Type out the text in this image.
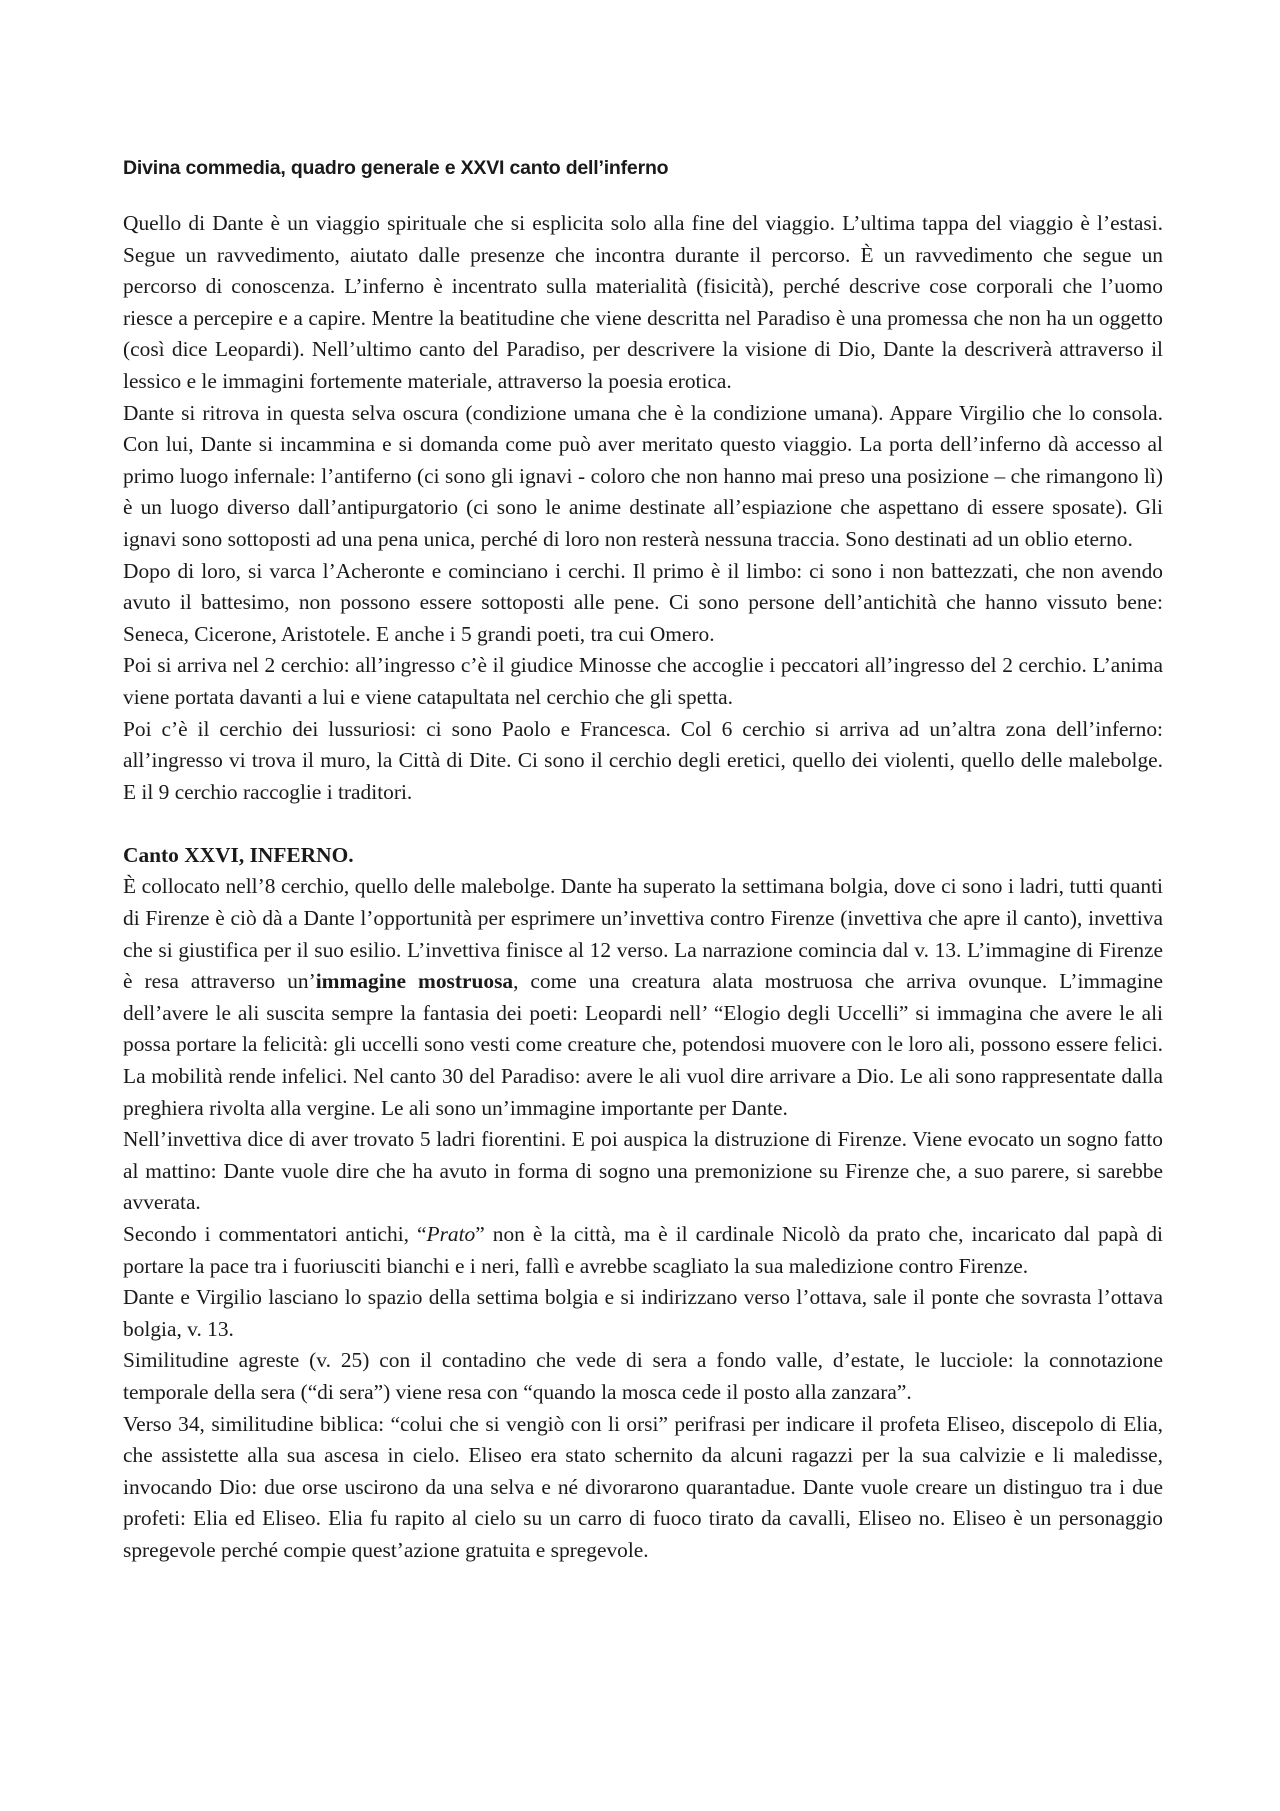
Divina commedia, quadro generale e XXVI canto dell’inferno

Quello di Dante è un viaggio spirituale che si esplicita solo alla fine del viaggio. L’ultima tappa del viaggio è l’estasi. Segue un ravvedimento, aiutato dalle presenze che incontra durante il percorso. È un ravvedimento che segue un percorso di conoscenza. L’inferno è incentrato sulla materialità (fisicità), perché descrive cose corporali che l’uomo riesce a percepire e a capire. Mentre la beatitudine che viene descritta nel Paradiso è una promessa che non ha un oggetto (così dice Leopardi). Nell’ultimo canto del Paradiso, per descrivere la visione di Dio, Dante la descriverà attraverso il lessico e le immagini fortemente materiale, attraverso la poesia erotica.

Dante si ritrova in questa selva oscura (condizione umana che è la condizione umana). Appare Virgilio che lo consola. Con lui, Dante si incammina e si domanda come può aver meritato questo viaggio. La porta dell’inferno dà accesso al primo luogo infernale: l’antiferno (ci sono gli ignavi - coloro che non hanno mai preso una posizione – che rimangono lì) è un luogo diverso dall’antipurgatorio (ci sono le anime destinate all’espiazione che aspettano di essere sposate). Gli ignavi sono sottoposti ad una pena unica, perché di loro non resterà nessuna traccia. Sono destinati ad un oblio eterno.

Dopo di loro, si varca l’Acheronte e cominciano i cerchi. Il primo è il limbo: ci sono i non battezzati, che non avendo avuto il battesimo, non possono essere sottoposti alle pene. Ci sono persone dell’antichità che hanno vissuto bene: Seneca, Cicerone, Aristotele. E anche i 5 grandi poeti, tra cui Omero.

Poi si arriva nel 2 cerchio: all’ingresso c’è il giudice Minosse che accoglie i peccatori all’ingresso del 2 cerchio. L’anima viene portata davanti a lui e viene catapultata nel cerchio che gli spetta.

Poi c’è il cerchio dei lussuriosi: ci sono Paolo e Francesca. Col 6 cerchio si arriva ad un’altra zona dell’inferno: all’ingresso vi trova il muro, la Città di Dite. Ci sono il cerchio degli eretici, quello dei violenti, quello delle malebolge. E il 9 cerchio raccoglie i traditori.

Canto XXVI, INFERNO.

È collocato nell’8 cerchio, quello delle malebolge. Dante ha superato la settimana bolgia, dove ci sono i ladri, tutti quanti di Firenze è ciò dà a Dante l’opportunità per esprimere un’invettiva contro Firenze (invettiva che apre il canto), invettiva che si giustifica per il suo esilio. L’invettiva finisce al 12 verso. La narrazione comincia dal v. 13. L’immagine di Firenze è resa attraverso un’immagine mostruosa, come una creatura alata mostruosa che arriva ovunque. L’immagine dell’avere le ali suscita sempre la fantasia dei poeti: Leopardi nell’ “Elogio degli Uccelli” si immagina che avere le ali possa portare la felicità: gli uccelli sono vesti come creature che, potendosi muovere con le loro ali, possono essere felici. La mobilità rende infelici. Nel canto 30 del Paradiso: avere le ali vuol dire arrivare a Dio. Le ali sono rappresentate dalla preghiera rivolta alla vergine. Le ali sono un’immagine importante per Dante.

Nell’invettiva dice di aver trovato 5 ladri fiorentini. E poi auspica la distruzione di Firenze. Viene evocato un sogno fatto al mattino: Dante vuole dire che ha avuto in forma di sogno una premonizione su Firenze che, a suo parere, si sarebbe avverata.

Secondo i commentatori antichi, “Prato” non è la città, ma è il cardinale Nicolò da prato che, incaricato dal papà di portare la pace tra i fuoriusciti bianchi e i neri, fallì e avrebbe scagliato la sua maledizione contro Firenze.

Dante e Virgilio lasciano lo spazio della settima bolgia e si indirizzano verso l’ottava, sale il ponte che sovrasta l’ottava bolgia, v. 13.

Similitudine agreste (v. 25) con il contadino che vede di sera a fondo valle, d’estate, le lucciole: la connotazione temporale della sera (“di sera”) viene resa con “quando la mosca cede il posto alla zanzara”.

Verso 34, similitudine biblica: “colui che si vengiò con li orsi” perifrasi per indicare il profeta Eliseo, discepolo di Elia, che assistette alla sua ascesa in cielo. Eliseo era stato schernito da alcuni ragazzi per la sua calvizie e li maledisse, invocando Dio: due orse uscirono da una selva e né divorarono quarantadue. Dante vuole creare un distinguo tra i due profeti: Elia ed Eliseo. Elia fu rapito al cielo su un carro di fuoco tirato da cavalli, Eliseo no. Eliseo è un personaggio spregevole perché compie quest’azione gratuita e spregevole.
